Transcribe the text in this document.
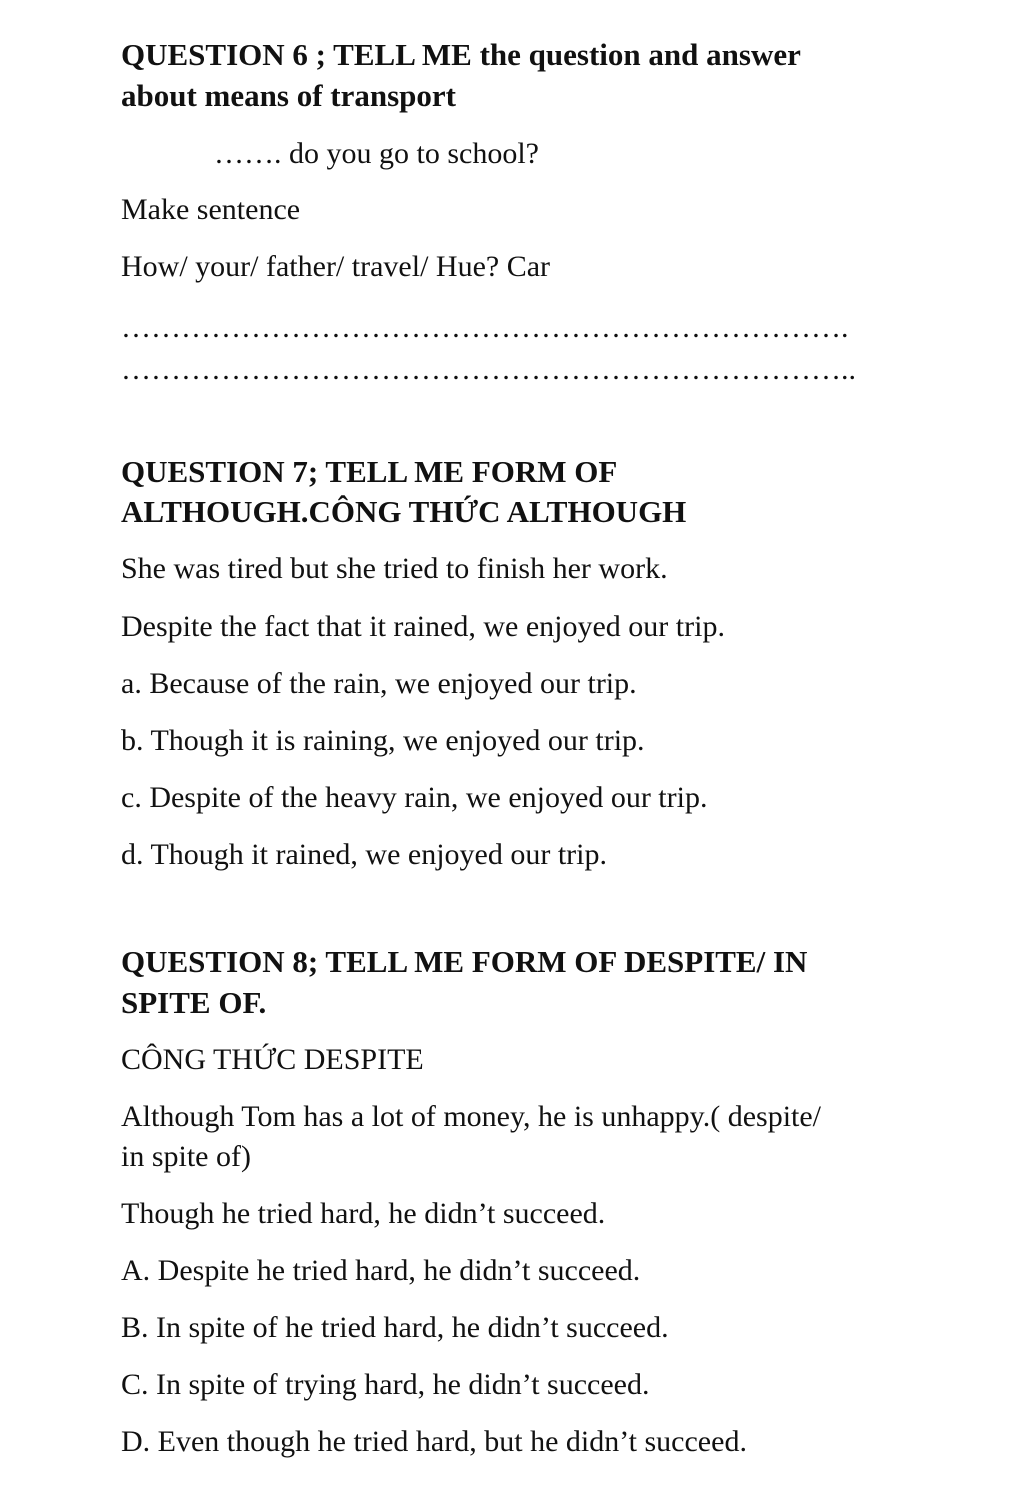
QUESTION 6 ; TELL ME the question and answer
about means of transport
……. do you go to school?
Make sentence
How/ your/ father/ travel/ Hue? Car
……………………………………………………………….
………………………………………………………………..
QUESTION 7; TELL ME FORM OF
ALTHOUGH.CÔNG THỨC ALTHOUGH
She was tired but she tried to finish her work.
Despite the fact that it rained, we enjoyed our trip.
a. Because of the rain, we enjoyed our trip.
b. Though it is raining, we enjoyed our trip.
c. Despite of the heavy rain, we enjoyed our trip.
d. Though it rained, we enjoyed our trip.
QUESTION 8; TELL ME FORM OF DESPITE/ IN
SPITE OF.
CÔNG THỨC DESPITE
Although Tom has a lot of money, he is unhappy.( despite/
in spite of)
Though he tried hard, he didn’t succeed.
A. Despite he tried hard, he didn’t succeed.
B. In spite of he tried hard, he didn’t succeed.
C. In spite of trying hard, he didn’t succeed.
D. Even though he tried hard, but he didn’t succeed.
